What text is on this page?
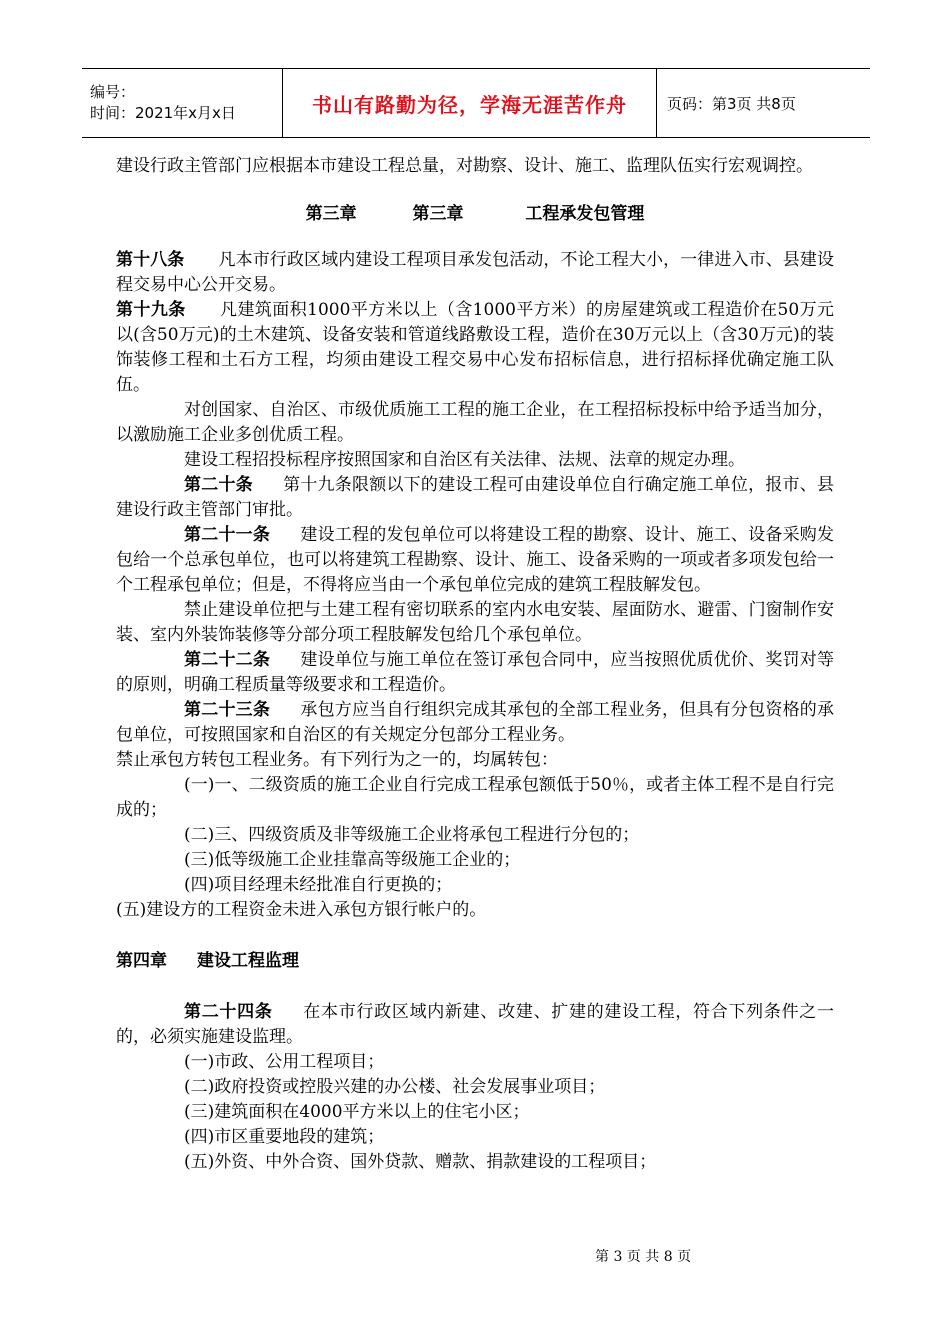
编号：
时间：2021年x月x日	书山有路勤为径，学海无涯苦作舟	页码：第3页 共8页

建设行政主管部门应根据本市建设工程总量，对勘察、设计、施工、监理队伍实行宏观调控。

第三章	第三章	工程承发包管理

第十八条 凡本市行政区域内建设工程项目承发包活动，不论工程大小，一律进入市、县建设程交易中心公开交易。

第十九条 凡建筑面积1000平方米以上（含1000平方米）的房屋建筑或工程造价在50万元以(含50万元)的土木建筑、设备安装和管道线路敷设工程，造价在30万元以上（含30万元)的装饰装修工程和土石方工程，均须由建设工程交易中心发布招标信息，进行招标择优确定施工队伍。

对创国家、自治区、市级优质施工工程的施工企业，在工程招标投标中给予适当加分，以激励施工企业多创优质工程。

建设工程招投标程序按照国家和自治区有关法律、法规、法章的规定办理。

第二十条 第十九条限额以下的建设工程可由建设单位自行确定施工单位，报市、县建设行政主管部门审批。

第二十一条 建设工程的发包单位可以将建设工程的勘察、设计、施工、设备采购发包给一个总承包单位，也可以将建筑工程勘察、设计、施工、设备采购的一项或者多项发包给一个工程承包单位；但是，不得将应当由一个承包单位完成的建筑工程肢解发包。

禁止建设单位把与土建工程有密切联系的室内水电安装、屋面防水、避雷、门窗制作安装、室内外装饰装修等分部分项工程肢解发包给几个承包单位。

第二十二条 建设单位与施工单位在签订承包合同中，应当按照优质优价、奖罚对等的原则，明确工程质量等级要求和工程造价。

第二十三条 承包方应当自行组织完成其承包的全部工程业务，但具有分包资格的承包单位，可按照国家和自治区的有关规定分包部分工程业务。

禁止承包方转包工程业务。有下列行为之一的，均属转包：

(一)一、二级资质的施工企业自行完成工程承包额低于50％，或者主体工程不是自行完成的；

(二)三、四级资质及非等级施工企业将承包工程进行分包的；

(三)低等级施工企业挂靠高等级施工企业的；

(四)项目经理未经批准自行更换的；

(五)建设方的工程资金未进入承包方银行帐户的。

第四章 建设工程监理

第二十四条 在本市行政区域内新建、改建、扩建的建设工程，符合下列条件之一的，必须实施建设监理。

(一)市政、公用工程项目；

(二)政府投资或控股兴建的办公楼、社会发展事业项目；

(三)建筑面积在4000平方米以上的住宅小区；

(四)市区重要地段的建筑；

(五)外资、中外合资、国外贷款、赠款、捐款建设的工程项目；

第 3 页 共 8 页
